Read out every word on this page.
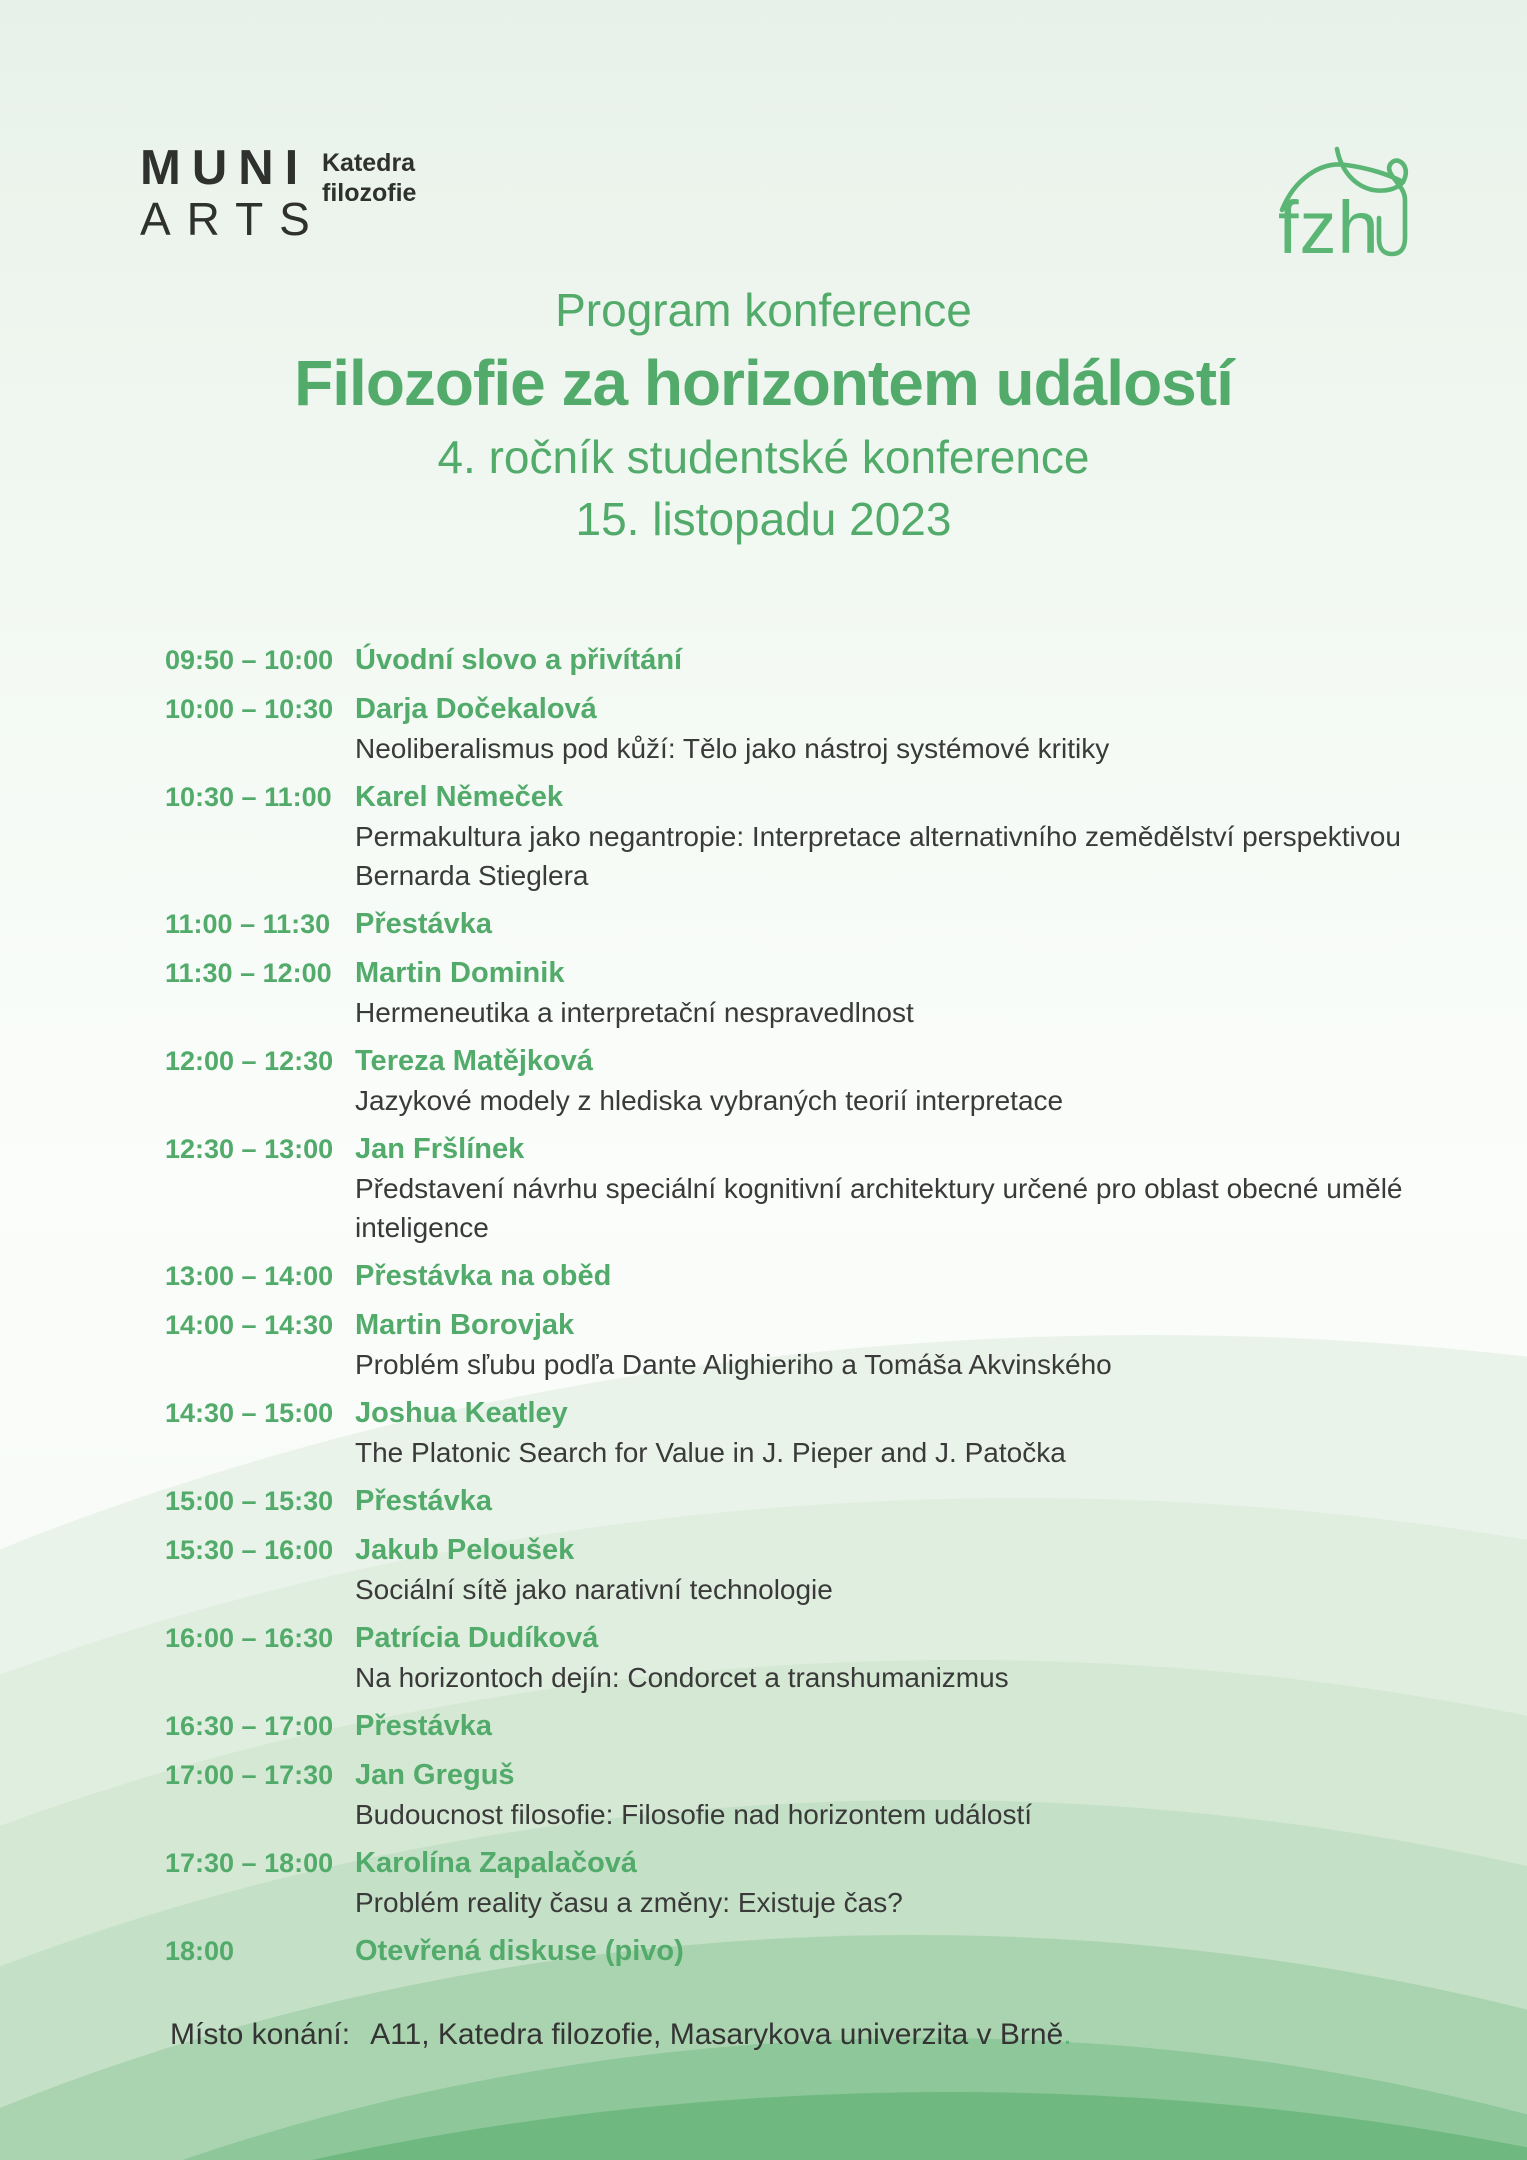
MUNI
ARTS
Katedra
filozofie	fzh
Program konference
Filozofie za horizontem událostí
4. ročník studentské konference
15. listopadu 2023
09:50 – 10:00 Úvodní slovo a přivítání
10:00 – 10:30 Darja Dočekalová
Neoliberalismus pod kůží: Tělo jako nástroj systémové kritiky
10:30 – 11:00 Karel Němeček
Permakultura jako negantropie: Interpretace alternativního zemědělství perspektivou Bernarda Stieglera
11:00 – 11:30 Přestávka
11:30 – 12:00 Martin Dominik
Hermeneutika a interpretační nespravedlnost
12:00 – 12:30 Tereza Matějková
Jazykové modely z hlediska vybraných teorií interpretace
12:30 – 13:00 Jan Fršlínek
Představení návrhu speciální kognitivní architektury určené pro oblast obecné umělé inteligence
13:00 – 14:00 Přestávka na oběd
14:00 – 14:30 Martin Borovjak
Problém sľubu podľa Dante Alighieriho a Tomáša Akvinského
14:30 – 15:00 Joshua Keatley
The Platonic Search for Value in J. Pieper and J. Patočka
15:00 – 15:30 Přestávka
15:30 – 16:00 Jakub Peloušek
Sociální sítě jako narativní technologie
16:00 – 16:30 Patrícia Dudíková
Na horizontoch dejín: Condorcet a transhumanizmus
16:30 – 17:00 Přestávka
17:00 – 17:30 Jan Greguš
Budoucnost filosofie: Filosofie nad horizontem událostí
17:30 – 18:00 Karolína Zapalačová
Problém reality času a změny: Existuje čas?
18:00	Otevřená diskuse (pivo)
Místo konání: A11, Katedra filozofie, Masarykova univerzita v Brně.
